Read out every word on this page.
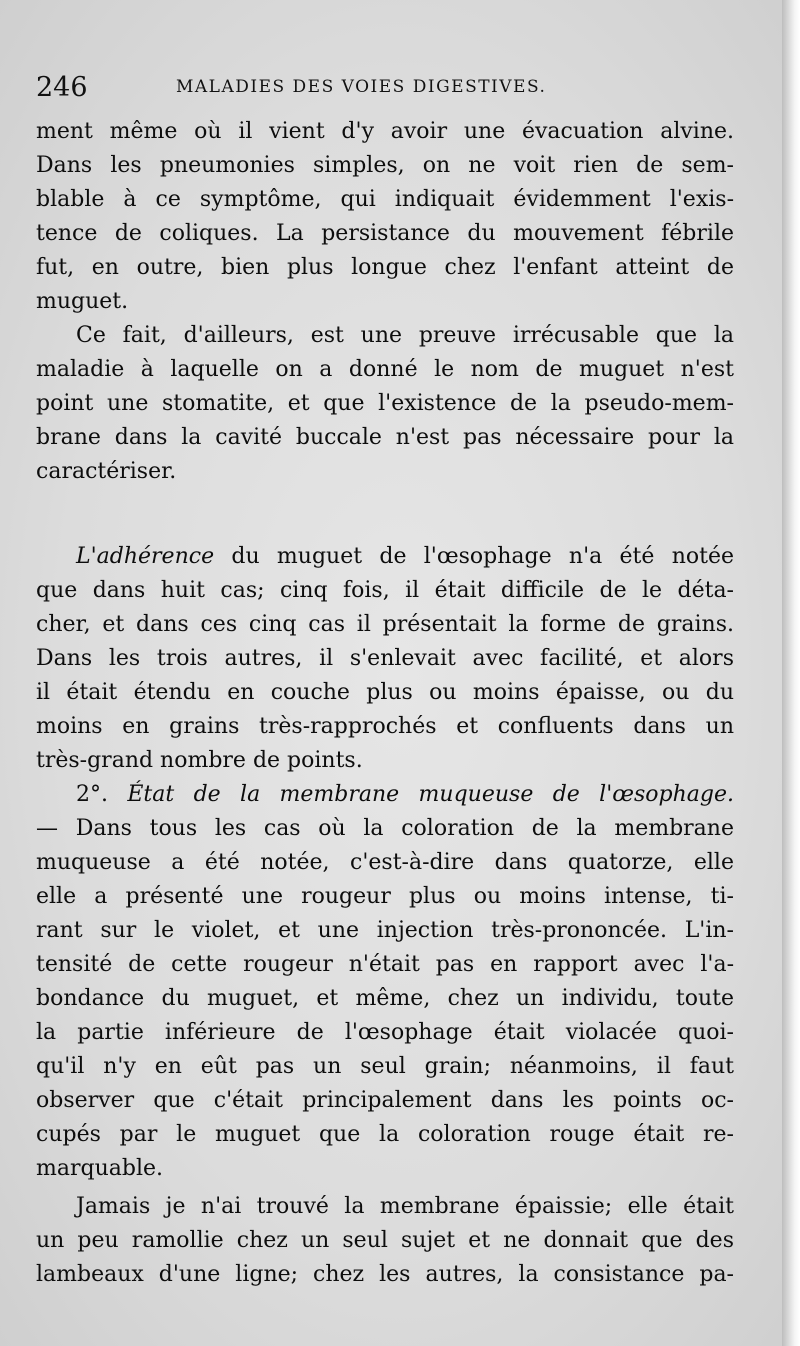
246	MALADIES DES VOIES DIGESTIVES.
ment même où il vient d'y avoir une évacuation alvine.
Dans les pneumonies simples, on ne voit rien de sem-
blable à ce symptôme, qui indiquait évidemment l'exis-
tence de coliques. La persistance du mouvement fébrile
fut, en outre, bien plus longue chez l'enfant atteint de
muguet.
Ce fait, d'ailleurs, est une preuve irrécusable que la
maladie à laquelle on a donné le nom de muguet n'est
point une stomatite, et que l'existence de la pseudo-mem-
brane dans la cavité buccale n'est pas nécessaire pour la
caractériser.
L'adhérence du muguet de l'œsophage n'a été notée
que dans huit cas; cinq fois, il était difficile de le déta-
cher, et dans ces cinq cas il présentait la forme de grains.
Dans les trois autres, il s'enlevait avec facilité, et alors
il était étendu en couche plus ou moins épaisse, ou du
moins en grains très-rapprochés et confluents dans un
très-grand nombre de points.
2°. État de la membrane muqueuse de l'œsophage.
— Dans tous les cas où la coloration de la membrane
muqueuse a été notée, c'est-à-dire dans quatorze, elle
elle a présenté une rougeur plus ou moins intense, ti-
rant sur le violet, et une injection très-prononcée. L'in-
tensité de cette rougeur n'était pas en rapport avec l'a-
bondance du muguet, et même, chez un individu, toute
la partie inférieure de l'œsophage était violacée quoi-
qu'il n'y en eût pas un seul grain; néanmoins, il faut
observer que c'était principalement dans les points oc-
cupés par le muguet que la coloration rouge était re-
marquable.
Jamais je n'ai trouvé la membrane épaissie; elle était
un peu ramollie chez un seul sujet et ne donnait que des
lambeaux d'une ligne; chez les autres, la consistance pa-
